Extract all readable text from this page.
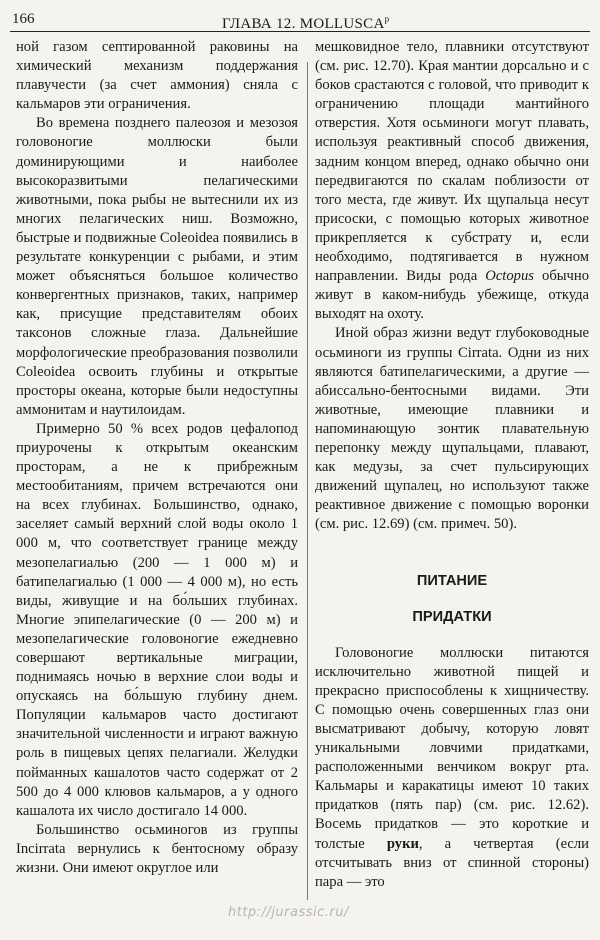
166	ГЛАВА 12. MOLLUSCA$^p$

ной газом септированной раковины на химический механизм поддержания плавучести (за счет аммония) сняла с кальмаров эти ограничения.

Во времена позднего палеозоя и мезозоя головоногие моллюски были доминирующими и наиболее высокоразвитыми пелагическими животными, пока рыбы не вытеснили их из многих пелагических ниш. Возможно, быстрые и подвижные Coleoidea появились в результате конкуренции с рыбами, и этим может объясняться большое количество конвергентных признаков, таких, например как, присущие представителям обоих таксонов сложные глаза. Дальнейшие морфологические преобразования позволили Coleoidea освоить глубины и открытые просторы океана, которые были недоступны аммонитам и наутилоидам.

Примерно 50 % всех родов цефалопод приурочены к открытым океанским просторам, а не к прибрежным местообитаниям, причем встречаются они на всех глубинах. Большинство, однако, заселяет самый верхний слой воды около 1 000 м, что соответствует границе между мезопелагиалью (200 — 1 000 м) и батипелагиалью (1 000 — 4 000 м), но есть виды, живущие и на бо́льших глубинах. Многие эпипелагические (0 — 200 м) и мезопелагические головоногие ежедневно совершают вертикальные миграции, поднимаясь ночью в верхние слои воды и опускаясь на бо́льшую глубину днем. Популяции кальмаров часто достигают значительной численности и играют важную роль в пищевых цепях пелагиали. Желудки пойманных кашалотов часто содержат от 2 500 до 4 000 клювов кальмаров, а у одного кашалота их число достигало 14 000.

Большинство осьминогов из группы Incirrata вернулись к бентосному образу жизни. Они имеют округлое или

мешковидное тело, плавники отсутствуют (см. рис. 12.70). Края мантии дорсально и с боков срастаются с головой, что приводит к ограничению площади мантийного отверстия. Хотя осьминоги могут плавать, используя реактивный способ движения, задним концом вперед, однако обычно они передвигаются по скалам поблизости от того места, где живут. Их щупальца несут присоски, с помощью которых животное прикрепляется к субстрату и, если необходимо, подтягивается в нужном направлении. Виды рода Octopus обычно живут в каком-нибудь убежище, откуда выходят на охоту.

Иной образ жизни ведут глубоководные осьминоги из группы Cirrata. Одни из них являются батипелагическими, а другие — абиссально-бентосными видами. Эти животные, имеющие плавники и напоминающую зонтик плавательную перепонку между щупальцами, плавают, как медузы, за счет пульсирующих движений щупалец, но используют также реактивное движение с помощью воронки (см. рис. 12.69) (см. примеч. 50).

ПИТАНИЕ

ПРИДАТКИ

Головоногие моллюски питаются исключительно животной пищей и прекрасно приспособлены к хищничеству. С помощью очень совершенных глаз они высматривают добычу, которую ловят уникальными ловчими придатками, расположенными венчиком вокруг рта. Кальмары и каракатицы имеют 10 таких придатков (пять пар) (см. рис. 12.62). Восемь придатков — это короткие и толстые руки, а четвертая (если отсчитывать вниз от спинной стороны) пара — это

http://jurassic.ru/
